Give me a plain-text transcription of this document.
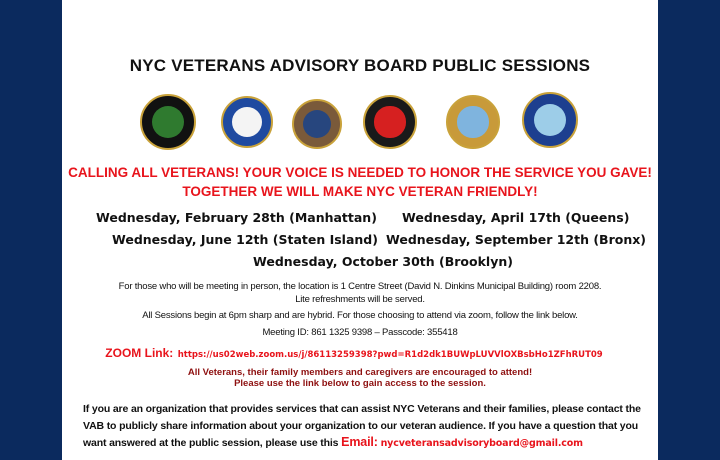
NYC VETERANS ADVISORY BOARD PUBLIC SESSIONS
CALLING ALL VETERANS! YOUR VOICE IS NEEDED TO HONOR THE SERVICE YOU GAVE!
TOGETHER WE WILL MAKE NYC VETERAN FRIENDLY!
Wednesday, February 28th (Manhattan) Wednesday, April 17th (Queens)
Wednesday, June 12th (Staten Island) Wednesday, September 12th (Bronx)
Wednesday, October 30th (Brooklyn)
For those who will be meeting in person, the location is 1 Centre Street (David N. Dinkins Municipal Building) room 2208.
Lite refreshments will be served.
All Sessions begin at 6pm sharp and are hybrid. For those choosing to attend via zoom, follow the link below.
Meeting ID: 861 1325 9398 – Passcode: 355418
ZOOM Link: https://us02web.zoom.us/j/86113259398?pwd=R1d2dk1BUWpLUVVlOXBsbHo1ZFhRUT09
All Veterans, their family members and caregivers are encouraged to attend!
Please use the link below to gain access to the session.
If you are an organization that provides services that can assist NYC Veterans and their families, please contact the
VAB to publicly share information about your organization to our veteran audience. If you have a question that you
want answered at the public session, please use this Email: nycveteransadvisoryboard@gmail.com
